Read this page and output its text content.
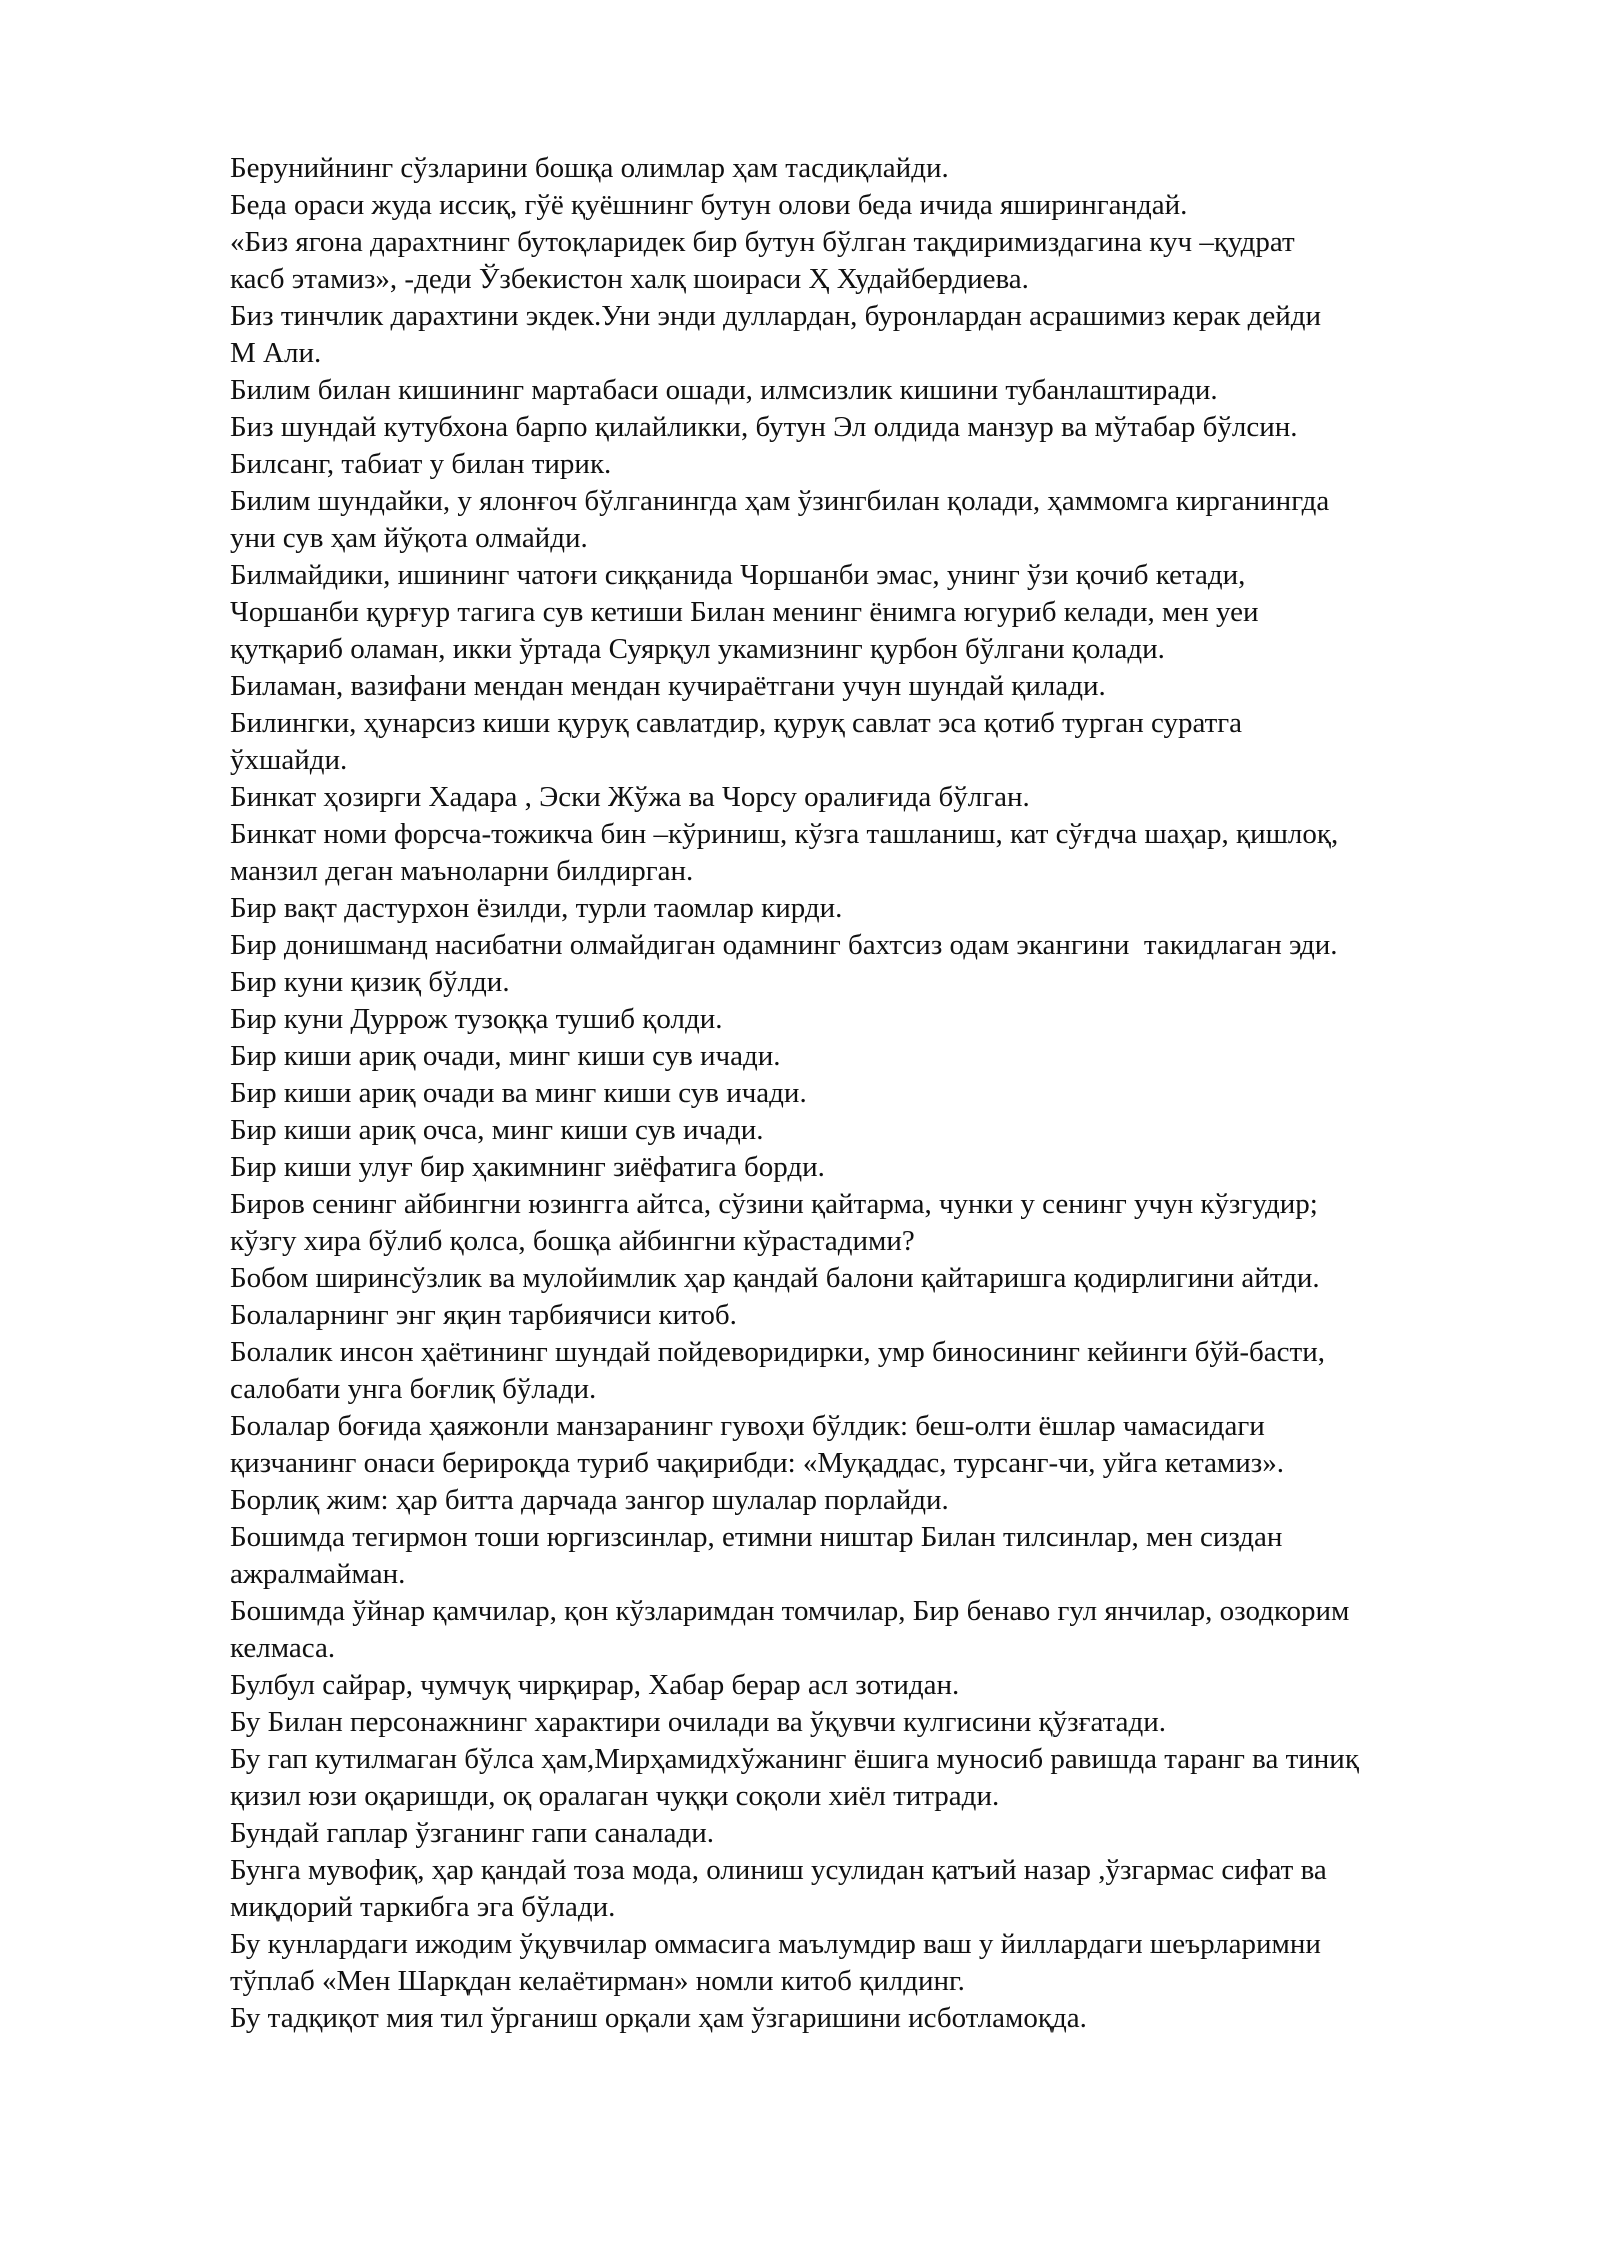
Берунийнинг сўзларини бошқа олимлар ҳам тасдиқлайди.

Беда ораси жуда иссиқ, гўё қуёшнинг бутун олови беда ичида яширингандай.

«Биз ягона дарахтнинг бутоқларидек бир бутун бўлган тақдиримиздагина куч –қудрат
касб этамиз», -деди Ўзбекистон халқ шоираси Ҳ Худайбердиева.

Биз тинчлик дарахтини экдек.Уни энди дуллардан, буронлардан асрашимиз керак дейди
М Али.

Билим билан кишининг мартабаси ошади, илмсизлик кишини тубанлаштиради.

Биз шундай кутубхона барпо қилайликки, бутун Эл олдида манзур ва мўтабар бўлсин.

Билсанг, табиат у билан тирик.

Билим шундайки, у ялонғоч бўлганингда ҳам ўзингбилан қолади, ҳаммомга кирганингда
уни сув ҳам йўқота олмайди.

Билмайдики, ишининг чатоғи сиққанида Чоршанби эмас, унинг ўзи қочиб кетади,
Чоршанби қурғур тагига сув кетиши Билан менинг ёнимга югуриб келади, мен уеи
қутқариб оламан, икки ўртада Суярқул укамизнинг қурбон бўлгани қолади.

Биламан, вазифани мендан мендан кучираётгани учун шундай қилади.

Билингки, ҳунарсиз киши қуруқ савлатдир, қуруқ савлат эса қотиб турган суратга
ўхшайди.

Бинкат ҳозирги Хадара , Эски Жўжа ва Чорсу оралиғида бўлган.

Бинкат номи форсча-тожикча бин –кўриниш, кўзга ташланиш, кат сўғдча шаҳар, қишлоқ,
манзил деган маъноларни билдирган.

Бир вақт дастурхон ёзилди, турли таомлар кирди.

Бир донишманд насибатни олмайдиган одамнинг бахтсиз одам экангини  такидлаган эди.

Бир куни қизиқ бўлди.

Бир куни Дуррож тузоққа тушиб қолди.

Бир киши ариқ очади, минг киши сув ичади.

Бир киши ариқ очади ва минг киши сув ичади.

Бир киши ариқ очса, минг киши сув ичади.

Бир киши улуғ бир ҳакимнинг зиёфатига борди.

Биров сенинг айбингни юзингга айтса, сўзини қайтарма, чунки у сенинг учун кўзгудир;
кўзгу хира бўлиб қолса, бошқа айбингни кўрастадими?

Бобом ширинсўзлик ва мулойимлик ҳар қандай балони қайтаришга қодирлигини айтди.

Болаларнинг энг яқин тарбиячиси китоб.

Болалик инсон ҳаётининг шундай пойдеворидирки, умр биносининг кейинги бўй-басти,
салобати унга боғлиқ бўлади.

Болалар боғида ҳаяжонли манзаранинг гувоҳи бўлдик: беш-олти ёшлар чамасидаги
қизчанинг онаси берироқда туриб чақирибди: «Муқаддас, турсанг-чи, уйга кетамиз».

Борлиқ жим: ҳар битта дарчада зангор шулалар порлайди.

Бошимда тегирмон тоши юргизсинлар, етимни ништар Билан тилсинлар, мен сиздан
ажралмайман.

Бошимда ўйнар қамчилар, қон кўзларимдан томчилар, Бир бенаво гул янчилар, озодкорим
келмаса.

Булбул сайрар, чумчуқ чирқирар, Хабар берар асл зотидан.

Бу Билан персонажнинг характири очилади ва ўқувчи кулгисини қўзғатади.

Бу гап кутилмаган бўлса ҳам,Мирҳамидхўжанинг ёшига муносиб равишда таранг ва тиниқ
қизил юзи оқаришди, оқ оралаган чуққи соқоли хиёл титради.

Бундай гаплар ўзганинг гапи саналади.

Бунга мувофиқ, ҳар қандай тоза мода, олиниш усулидан қатъий назар ,ўзгармас сифат ва
миқдорий таркибга эга бўлади.

Бу кунлардаги ижодим ўқувчилар оммасига маълумдир ваш у йиллардаги шеърларимни
тўплаб «Мен Шарқдан келаётирман» номли китоб қилдинг.

Бу тадқиқот мия тил ўрганиш орқали ҳам ўзгаришини исботламоқда.
